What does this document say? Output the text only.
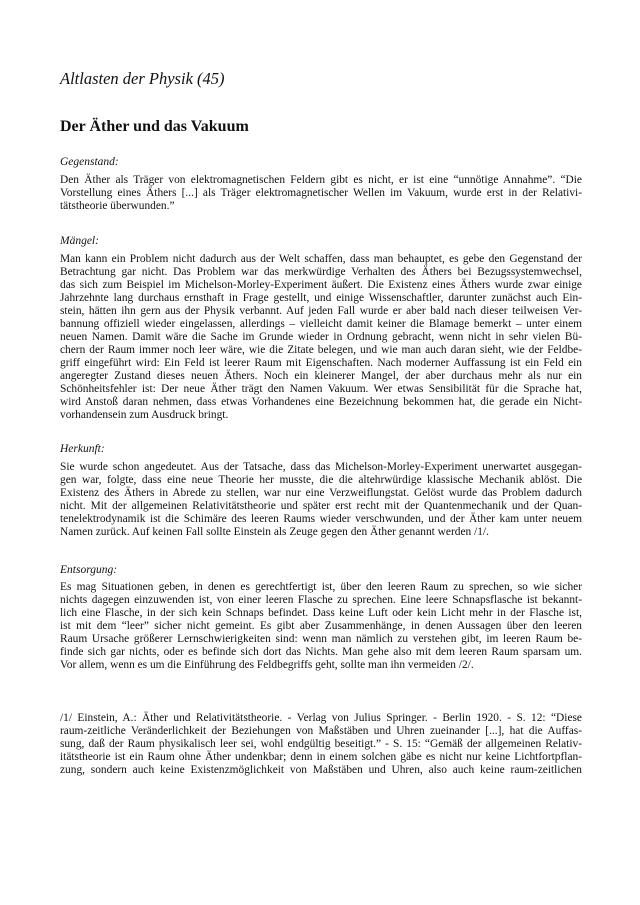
Altlasten der Physik (45)
Der Äther und das Vakuum
Gegenstand:
Den Äther als Träger von elektromagnetischen Feldern gibt es nicht, er ist eine “unnötige Annahme”. “Die
Vorstellung eines Äthers [...] als Träger elektromagnetischer Wellen im Vakuum, wurde erst in der Relativi-
tätstheorie überwunden.”
Mängel:
Man kann ein Problem nicht dadurch aus der Welt schaffen, dass man behauptet, es gebe den Gegenstand der
Betrachtung gar nicht. Das Problem war das merkwürdige Verhalten des Äthers bei Bezugssystemwechsel,
das sich zum Beispiel im Michelson-Morley-Experiment äußert. Die Existenz eines Äthers wurde zwar einige
Jahrzehnte lang durchaus ernsthaft in Frage gestellt, und einige Wissenschaftler, darunter zunächst auch Ein-
stein, hätten ihn gern aus der Physik verbannt. Auf jeden Fall wurde er aber bald nach dieser teilweisen Ver-
bannung offiziell wieder eingelassen, allerdings – vielleicht damit keiner die Blamage bemerkt – unter einem
neuen Namen. Damit wäre die Sache im Grunde wieder in Ordnung gebracht, wenn nicht in sehr vielen Bü-
chern der Raum immer noch leer wäre, wie die Zitate belegen, und wie man auch daran sieht, wie der Feldbe-
griff eingeführt wird: Ein Feld ist leerer Raum mit Eigenschaften. Nach moderner Auffassung ist ein Feld ein
angeregter Zustand dieses neuen Äthers. Noch ein kleinerer Mangel, der aber durchaus mehr als nur ein
Schönheitsfehler ist: Der neue Äther trägt den Namen Vakuum. Wer etwas Sensibilität für die Sprache hat,
wird Anstoß daran nehmen, dass etwas Vorhandenes eine Bezeichnung bekommen hat, die gerade ein Nicht-
vorhandensein zum Ausdruck bringt.
Herkunft:
Sie wurde schon angedeutet. Aus der Tatsache, dass das Michelson-Morley-Experiment unerwartet ausgegan-
gen war, folgte, dass eine neue Theorie her musste, die die altehrwürdige klassische Mechanik ablöst. Die
Existenz des Äthers in Abrede zu stellen, war nur eine Verzweiflungstat. Gelöst wurde das Problem dadurch
nicht. Mit der allgemeinen Relativitätstheorie und später erst recht mit der Quantenmechanik und der Quan-
tenelektrodynamik ist die Schimäre des leeren Raums wieder verschwunden, und der Äther kam unter neuem
Namen zurück. Auf keinen Fall sollte Einstein als Zeuge gegen den Äther genannt werden /1/.
Entsorgung:
Es mag Situationen geben, in denen es gerechtfertigt ist, über den leeren Raum zu sprechen, so wie sicher
nichts dagegen einzuwenden ist, von einer leeren Flasche zu sprechen. Eine leere Schnapsflasche ist bekannt-
lich eine Flasche, in der sich kein Schnaps befindet. Dass keine Luft oder kein Licht mehr in der Flasche ist,
ist mit dem “leer” sicher nicht gemeint. Es gibt aber Zusammenhänge, in denen Aussagen über den leeren
Raum Ursache größerer Lernschwierigkeiten sind: wenn man nämlich zu verstehen gibt, im leeren Raum be-
finde sich gar nichts, oder es befinde sich dort das Nichts. Man gehe also mit dem leeren Raum sparsam um.
Vor allem, wenn es um die Einführung des Feldbegriffs geht, sollte man ihn vermeiden /2/.
/1/ Einstein, A.: Äther und Relativitätstheorie. - Verlag von Julius Springer. - Berlin 1920. - S. 12: “Diese
raum-zeitliche Veränderlichkeit der Beziehungen von Maßstäben und Uhren zueinander [...], hat die Auffas-
sung, daß der Raum physikalisch leer sei, wohl endgültig beseitigt.” - S. 15: “Gemäß der allgemeinen Relativ-
itätstheorie ist ein Raum ohne Äther undenkbar; denn in einem solchen gäbe es nicht nur keine Lichtfortpflan-
zung, sondern auch keine Existenzmöglichkeit von Maßstäben und Uhren, also auch keine raum-zeitlichen
